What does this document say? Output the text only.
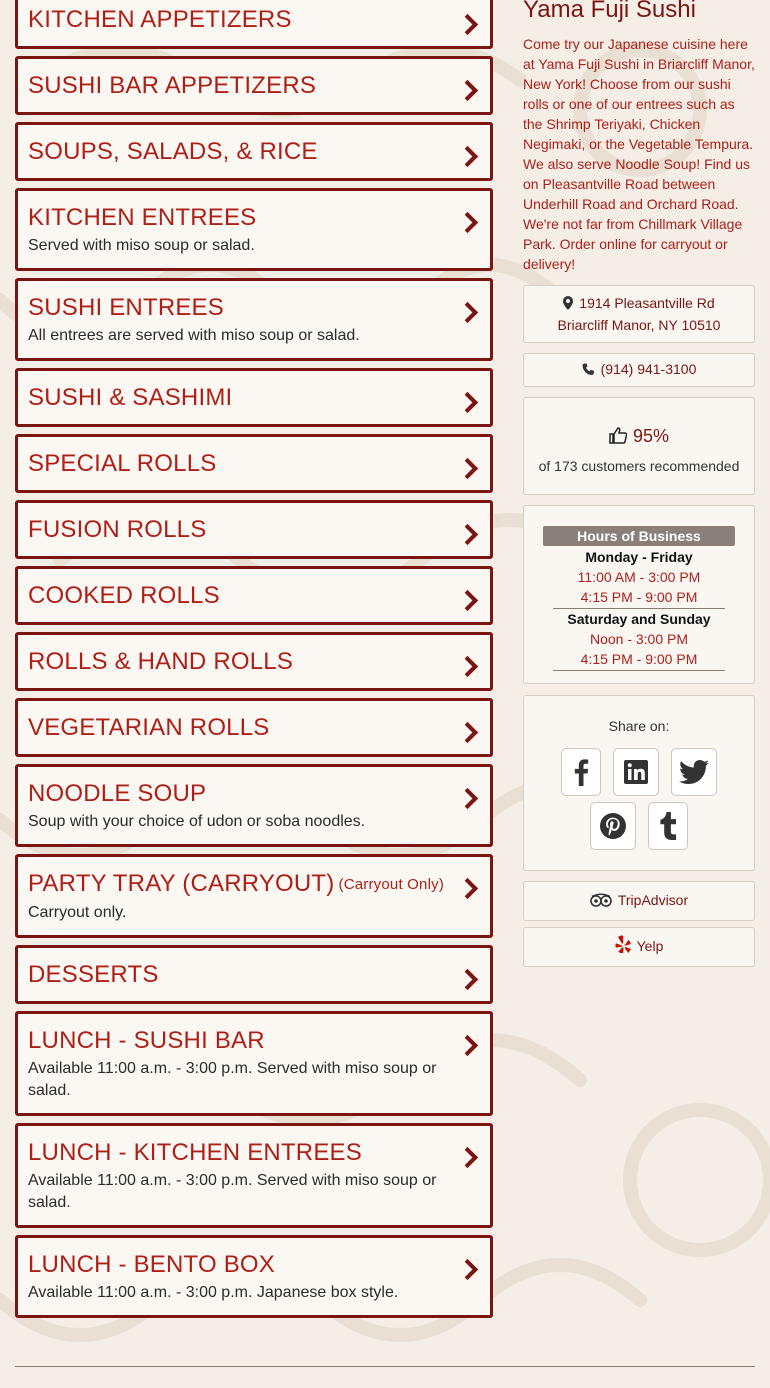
KITCHEN APPETIZERS
SUSHI BAR APPETIZERS
SOUPS, SALADS, & RICE
KITCHEN ENTREES
Served with miso soup or salad.
SUSHI ENTREES
All entrees are served with miso soup or salad.
SUSHI & SASHIMI
SPECIAL ROLLS
FUSION ROLLS
COOKED ROLLS
ROLLS & HAND ROLLS
VEGETARIAN ROLLS
NOODLE SOUP
Soup with your choice of udon or soba noodles.
PARTY TRAY (CARRYOUT) (Carryout Only)
Carryout only.
DESSERTS
LUNCH - SUSHI BAR
Available 11:00 a.m. - 3:00 p.m. Served with miso soup or salad.
LUNCH - KITCHEN ENTREES
Available 11:00 a.m. - 3:00 p.m. Served with miso soup or salad.
LUNCH - BENTO BOX
Available 11:00 a.m. - 3:00 p.m. Japanese box style.
Yama Fuji Sushi

Come try our Japanese cuisine here at Yama Fuji Sushi in Briarcliff Manor, New York! Choose from our sushi rolls or one of our entrees such as the Shrimp Teriyaki, Chicken Negimaki, or the Vegetable Tempura. We also serve Noodle Soup! Find us on Pleasantville Road between Underhill Road and Orchard Road. We're not far from Chillmark Village Park. Order online for carryout or delivery!

1914 Pleasantville Rd
Briarcliff Manor, NY 10510
(914) 941-3100
95%
of 173 customers recommended
Hours of Business
Monday - Friday
11:00 AM - 3:00 PM
4:15 PM - 9:00 PM
Saturday and Sunday
Noon - 3:00 PM
4:15 PM - 9:00 PM
Share on:
TripAdvisor
Yelp
